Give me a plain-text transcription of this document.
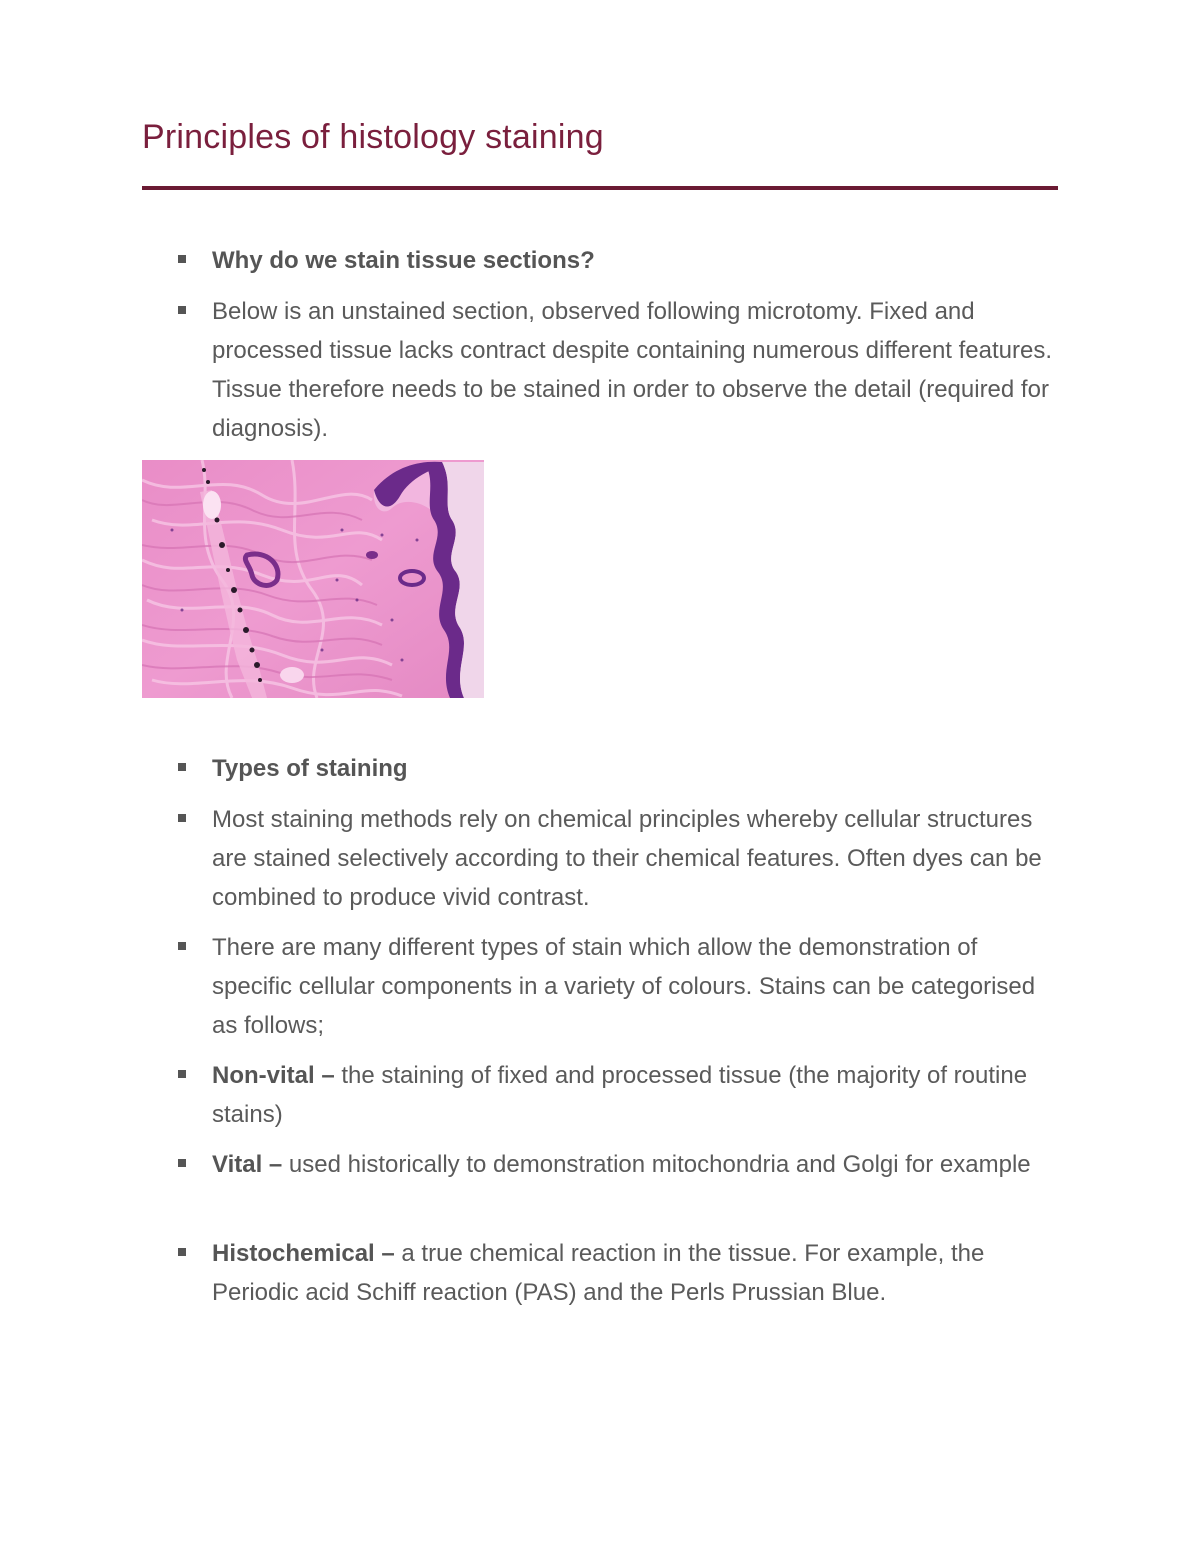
Principles of histology staining
Why do we stain tissue sections?
Below is an unstained section, observed following microtomy. Fixed and processed tissue lacks contract despite containing numerous different features. Tissue therefore needs to be stained in order to observe the detail (required for diagnosis).
Types of staining
Most staining methods rely on chemical principles whereby cellular structures are stained selectively according to their chemical features. Often dyes can be combined to produce vivid contrast.
There are many different types of stain which allow the demonstration of specific cellular components in a variety of colours. Stains can be categorised as follows;
Non-vital – the staining of fixed and processed tissue (the majority of routine stains)
Vital – used historically to demonstration mitochondria and Golgi for example
Histochemical – a true chemical reaction in the tissue. For example, the Periodic acid Schiff reaction (PAS) and the Perls Prussian Blue.
